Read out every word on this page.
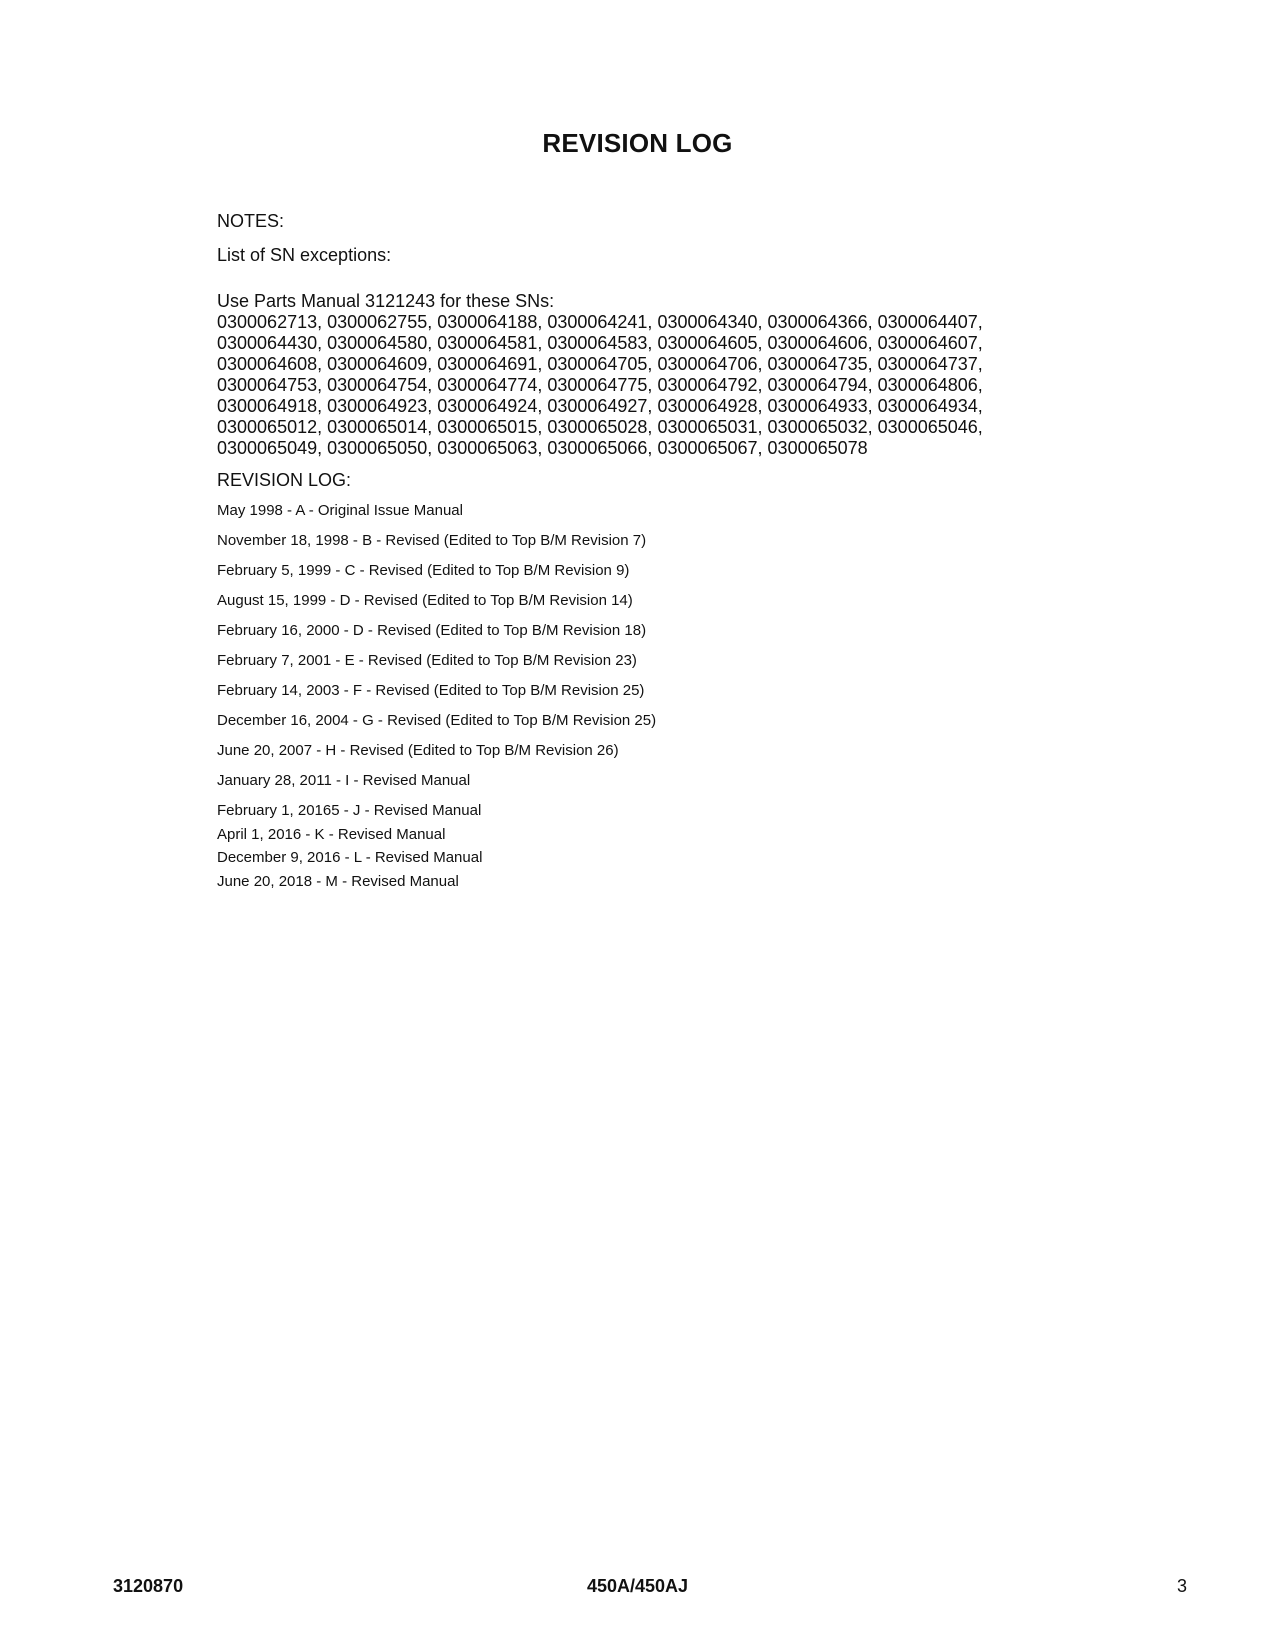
REVISION LOG

NOTES:

List of SN exceptions:

Use Parts Manual 3121243 for these SNs:

0300062713, 0300062755, 0300064188, 0300064241, 0300064340, 0300064366, 0300064407,
0300064430, 0300064580, 0300064581, 0300064583, 0300064605, 0300064606, 0300064607,
0300064608, 0300064609, 0300064691, 0300064705, 0300064706, 0300064735, 0300064737,
0300064753, 0300064754, 0300064774, 0300064775, 0300064792, 0300064794, 0300064806,
0300064918, 0300064923, 0300064924, 0300064927, 0300064928, 0300064933, 0300064934,
0300065012, 0300065014, 0300065015, 0300065028, 0300065031, 0300065032, 0300065046,
0300065049, 0300065050, 0300065063, 0300065066, 0300065067, 0300065078

REVISION LOG:

May 1998 - A - Original Issue Manual
November 18, 1998 - B - Revised (Edited to Top B/M Revision 7)
February 5, 1999 - C - Revised (Edited to Top B/M Revision 9)
August 15, 1999 - D - Revised (Edited to Top B/M Revision 14)
February 16, 2000 - D - Revised (Edited to Top B/M Revision 18)
February 7, 2001 - E - Revised (Edited to Top B/M Revision 23)
February 14, 2003 - F - Revised (Edited to Top B/M Revision 25)
December 16, 2004 - G - Revised (Edited to Top B/M Revision 25)
June 20, 2007 - H - Revised (Edited to Top B/M Revision 26)
January 28, 2011 - I - Revised Manual
February 1, 20165 - J - Revised Manual
April 1, 2016 - K - Revised Manual
December 9, 2016 - L - Revised Manual
June 20, 2018 - M - Revised Manual
3120870	450A/450AJ	3
